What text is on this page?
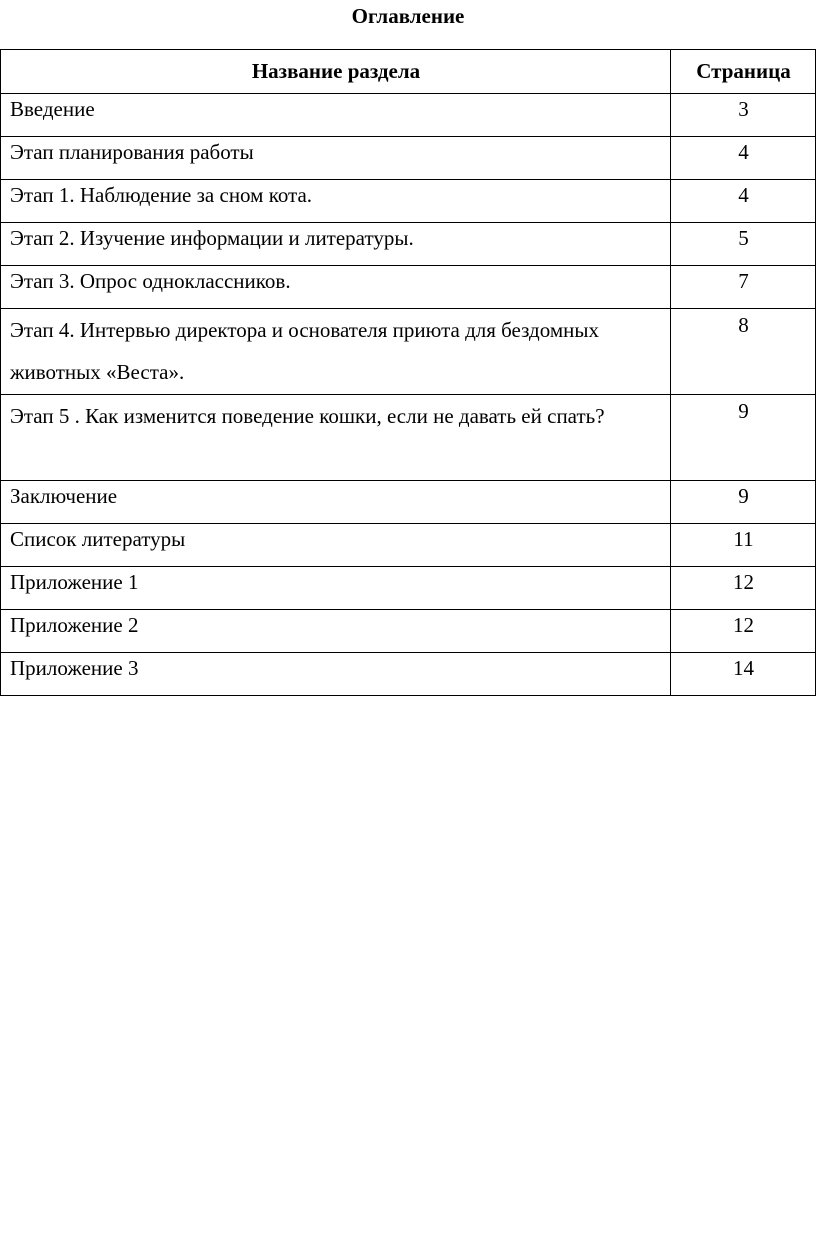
Оглавление
Название раздела	Страница
Введение	3
Этап планирования работы	4
Этап 1. Наблюдение за сном кота.	4
Этап 2. Изучение информации и литературы.	5
Этап 3. Опрос одноклассников.	7
Этап 4. Интервью директора и основателя приюта для бездомных животных «Веста».	8
Этап 5 . Как изменится поведение кошки, если не давать ей спать?	9
Заключение	9
Список литературы	11
Приложение 1	12
Приложение 2	12
Приложение 3	14
